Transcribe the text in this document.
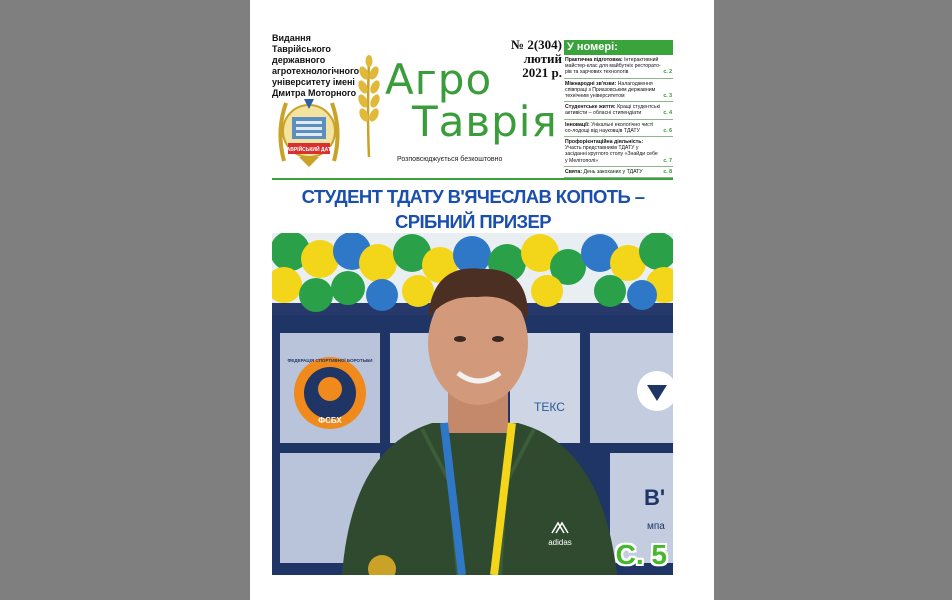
Видання
Таврійського
державного
агротехнологічного
університету імені
Дмитра Моторного
ТАВРІЙСЬКИЙ ДАТУ
Агро
Таврія
Розповсюджується безкоштовно
№ 2(304)
лютий
2021 р.
У номері:
Практична підготовка: Інтерактивний майстер-клас для майбутніх ресторато-рів та харчових технологів	с. 2
Міжнародні зв'язки: Налагодження співпраці з Приазовським державним технічним університетом	с. 3
Студентське життя: Кращі студентські активісти – обласні стипендіати	с. 4
Інновації: Унікальні екологічно чисті со-лодощі від науковців ТДАТУ	с. 6
Профорієнтаційна діяльність: Участь представників ТДАТУ у засіданні круглого столу «Знайди себе у Мелітополі»	с. 7
Свята: День закоханих у ТДАТУ	с. 8
СТУДЕНТ ТДАТУ В'ЯЧЕСЛАВ КОПОТЬ – СРІБНИЙ ПРИЗЕР
ФСБХ
ФЕДЕРАЦІЯ СПОРТИВНОЇ БОРОТЬБИ
ТЕКС
В'
мпа
adidas С. 5
